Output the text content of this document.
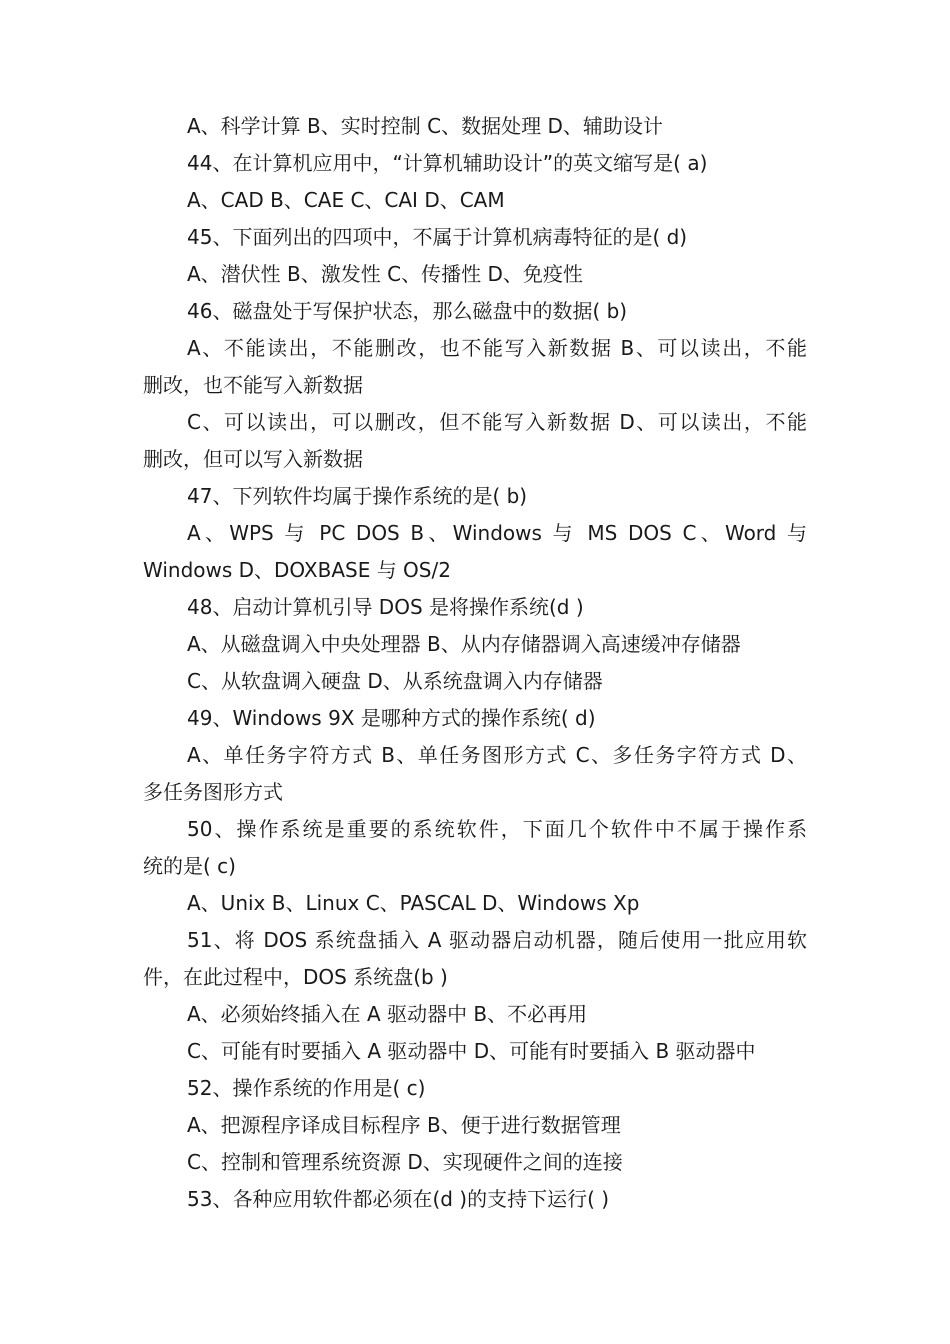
A、科学计算 B、实时控制 C、数据处理 D、辅助设计

44、在计算机应用中，“计算机辅助设计”的英文缩写是( a)

A、CAD B、CAE C、CAI D、CAM

45、下面列出的四项中，不属于计算机病毒特征的是( d)

A、潜伏性 B、激发性 C、传播性 D、免疫性

46、磁盘处于写保护状态，那么磁盘中的数据( b)

A、不能读出，不能删改，也不能写入新数据 B、可以读出，不能

删改，也不能写入新数据

C、可以读出，可以删改，但不能写入新数据 D、可以读出，不能

删改，但可以写入新数据

47、下列软件均属于操作系统的是( b)

A、WPS 与 PC DOS B、Windows 与 MS DOS C、Word 与

Windows D、DOXBASE 与 OS/2

48、启动计算机引导 DOS 是将操作系统(d )

A、从磁盘调入中央处理器 B、从内存储器调入高速缓冲存储器

C、从软盘调入硬盘 D、从系统盘调入内存储器

49、Windows 9X 是哪种方式的操作系统( d)

A、单任务字符方式 B、单任务图形方式 C、多任务字符方式 D、

多任务图形方式

50、操作系统是重要的系统软件，下面几个软件中不属于操作系

统的是( c)

A、Unix B、Linux C、PASCAL D、Windows Xp

51、将 DOS 系统盘插入 A 驱动器启动机器，随后使用一批应用软

件，在此过程中，DOS 系统盘(b )

A、必须始终插入在 A 驱动器中 B、不必再用

C、可能有时要插入 A 驱动器中 D、可能有时要插入 B 驱动器中

52、操作系统的作用是( c)

A、把源程序译成目标程序 B、便于进行数据管理

C、控制和管理系统资源 D、实现硬件之间的连接

53、各种应用软件都必须在(d )的支持下运行( )
